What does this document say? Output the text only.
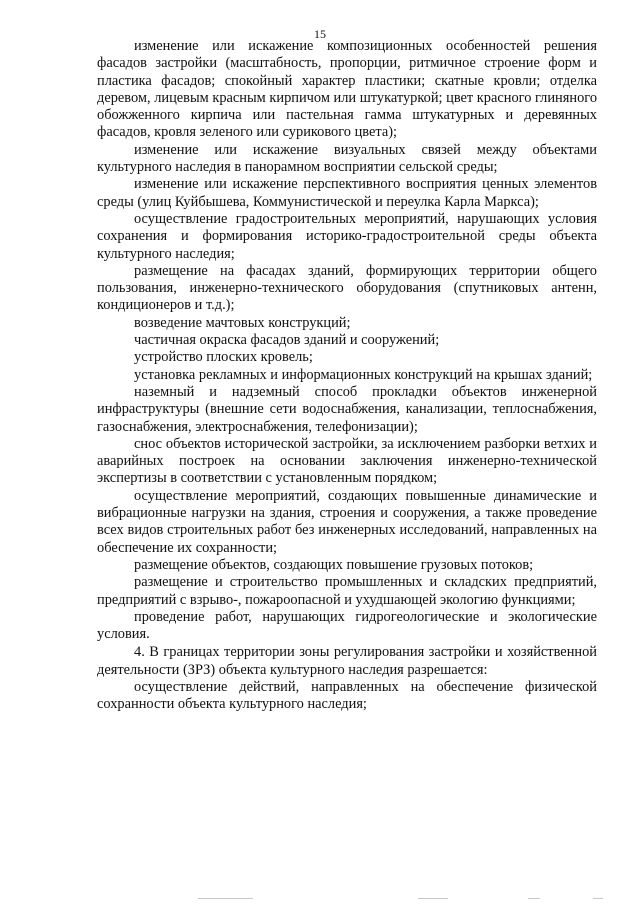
15

изменение или искажение композиционных особенностей решения фасадов застройки (масштабность, пропорции, ритмичное строение форм и пластика фасадов; спокойный характер пластики; скатные кровли; отделка деревом, лицевым красным кирпичом или штукатуркой; цвет красного глиняного обожженного кирпича или пастельная гамма штукатурных и деревянных фасадов, кровля зеленого или сурикового цвета);

изменение или искажение визуальных связей между объектами культурного наследия в панорамном восприятии сельской среды;

изменение или искажение перспективного восприятия ценных элементов среды (улиц Куйбышева, Коммунистической и переулка Карла Маркса);

осуществление градостроительных мероприятий, нарушающих условия сохранения и формирования историко-градостроительной среды объекта культурного наследия;

размещение на фасадах зданий, формирующих территории общего пользования, инженерно-технического оборудования (спутниковых антенн, кондиционеров и т.д.);

возведение мачтовых конструкций;

частичная окраска фасадов зданий и сооружений;

устройство плоских кровель;

установка рекламных и информационных конструкций на крышах зданий;

наземный и надземный способ прокладки объектов инженерной инфраструктуры (внешние сети водоснабжения, канализации, теплоснабжения, газоснабжения, электроснабжения, телефонизации);

снос объектов исторической застройки, за исключением разборки ветхих и аварийных построек на основании заключения инженерно-технической экспертизы в соответствии с установленным порядком;

осуществление мероприятий, создающих повышенные динамические и вибрационные нагрузки на здания, строения и сооружения, а также проведение всех видов строительных работ без инженерных исследований, направленных на обеспечение их сохранности;

размещение объектов, создающих повышение грузовых потоков;

размещение и строительство промышленных и складских предприятий, предприятий с взрыво-, пожароопасной и ухудшающей экологию функциями;

проведение работ, нарушающих гидрогеологические и экологические условия.

4. В границах территории зоны регулирования застройки и хозяйственной деятельности (ЗРЗ) объекта культурного наследия разрешается:

осуществление действий, направленных на обеспечение физической сохранности объекта культурного наследия;
